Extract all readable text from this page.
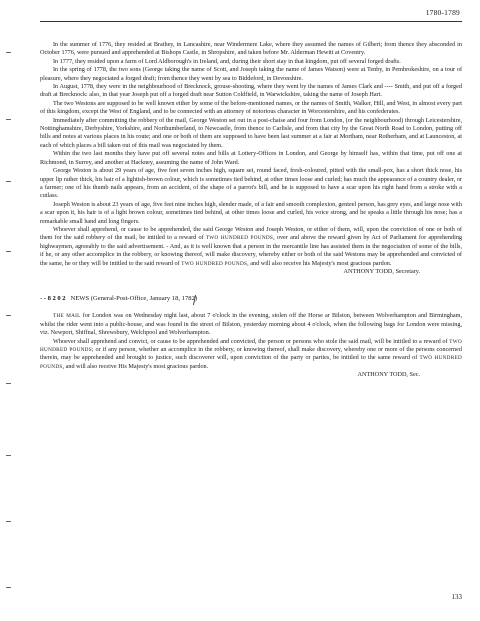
1780-1789

In the summer of 1776, they resided at Brathey, in Lancashire, near Windermere Lake, where they assumed the names of Gilbert; from thence they absconded in October 1776, were pursued and apprehended at Bishops Castle, in Shropshire, and taken before Mr. Alderman Hewitt at Coventry.

In 1777, they resided upon a farm of Lord Aldborough's in Ireland, and, during their short stay in that kingdom, put off several forged drafts.

In the spring of 1778, the two sons (George taking the name of Scott, and Joseph taking the name of James Watson) were at Tenby, in Pembrokeshire, on a tour of pleasure, where they negociated a forged draft; from thence they went by sea to Biddeford, in Devonshire.

In August, 1778, they were in the neighbourhood of Brecknock, grouse-shooting, where they went by the names of James Clark and ---- Smith, and put off a forged draft at Brecknock: also, in that year Joseph put off a forged draft near Sutton Coldfield, in Warwickshire, taking the name of Joseph Hart.

The two Westons are supposed to be well known either by some of the before-mentioned names, or the names of Smith, Walker, Hill, and West, in almost every part of this kingdom, except the West of England, and to be connected with an attorney of notorious character in Worcestershire, and his confederates.

Immediately after committing the robbery of the mail, George Weston set out in a post-chaise and four from London, (or the neighbourhood) through Leicestershire, Nottinghamshire, Derbyshire, Yorkshire, and Northumberland, to Newcastle, from thence to Carlisle, and from that city by the Great North Road to London, putting off bills and notes at various places in his route; and one or both of them are supposed to have been last summer at a fair at Mortham, near Rotherham, and at Launceston, at each of which places a bill taken out of this mail was negociated by them.

Within the two last months they have put off several notes and bills at Lottery-Offices in London, and George by himself has, within that time, put off one at Richmond, in Surrey, and another at Hackney, assuming the name of John Ward.

George Weston is about 29 years of age, five feet seven inches high, square set, round faced, fresh-coloured, pitted with the small-pox, has a short thick nose, his upper lip rather thick, his hair of a lightish-brown colour, which is sometimes tied behind, at other times loose and curled; has much the appearance of a country dealer, or a farmer; one of his thumb nails appears, from an accident, of the shape of a parrot's bill, and he is supposed to have a scar upon his right hand from a stroke with a cutlass.

Joseph Weston is about 23 years of age, five feet nine inches high, slender made, of a fair and smooth complexion, genteel person, has grey eyes, and large nose with a scar upon it, his hair is of a light brown colour, sometimes tied behind, at other times loose and curled, his voice strong, and he speaks a little through his nose; has a remarkable small hand and long fingers.

Whoever shall apprehend, or cause to be apprehended, the said George Weston and Joseph Weston, or either of them, will, upon the conviction of one or both of them for the said robbery of the mail, be intitled to a reward of TWO HUNDRED POUNDS, over and above the reward given by Act of Parliament for apprehending highwaymen, agreeably to the said advertisement. - And, as it is well known that a person in the mercantile line has assisted them in the negociation of some of the bills, if he, or any other accomplice in the robbery, or knowing thereof, will make discovery, whereby either or both of the said Westons may be apprehended and convicted of the same, he or they will be intitled to the said reward of TWO HUNDRED POUNDS, and will also receive his Majesty's most gracious pardon.

ANTHONY TODD, Secretary.

--8202 NEWS (General-Post-Office, January 18, 1782)

THE MAIL for London was on Wednesday night last, about 7 o'clock in the evening, stolen off the Horse ar Bilston, between Wolverhampton and Birmingham, whilst the rider went into a public-house, and was found in the street of Bilston, yesterday morning about 4 o'clock, when the following bags for London were missing, viz. Newport, Shiffnal, Shrewsbury, Welchpool and Wolverhampton.

Whoever shall apprehend and convict, or cause to be apprehended and convicted, the person or persons who stole the said mail, will be intitled to a reward of TWO HUNDRED POUNDS; or if any person, whether an accomplice in the robbery, or knowing thereof, shall make discovery, whereby one or more of the persons concerned therein, may be apprehended and brought to justice, such discoverer will, upon conviction of the party or parties, be intitled to the same reward of TWO HUNDRED POUNDS, and will also receive His Majesty's most gracious pardon.

ANTHONY TODD, Sec.

133
